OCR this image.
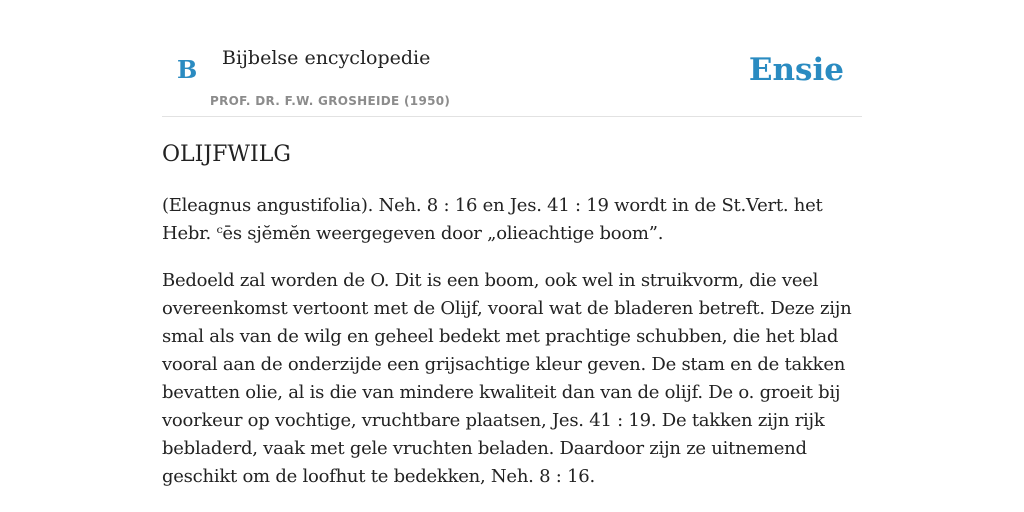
B Bijbelse encyclopedie
PROF. DR. F.W. GROSHEIDE (1950)
Ensie
OLIJFWILG

(Eleagnus angustifolia). Neh. 8 : 16 en Jes. 41 : 19 wordt in de St.Vert. het Hebr. ᶜēs sjĕmĕn weergegeven door „olieachtige boom”.

Bedoeld zal worden de O. Dit is een boom, ook wel in struikvorm, die veel overeenkomst vertoont met de Olijf, vooral wat de bladeren betreft. Deze zijn smal als van de wilg en geheel bedekt met prachtige schubben, die het blad vooral aan de onderzijde een grijsachtige kleur geven. De stam en de takken bevatten olie, al is die van mindere kwaliteit dan van de olijf. De o. groeit bij voorkeur op vochtige, vruchtbare plaatsen, Jes. 41 : 19. De takken zijn rijk bebladerd, vaak met gele vruchten beladen. Daardoor zijn ze uitnemend geschikt om de loofhut te bedekken, Neh. 8 : 16.
